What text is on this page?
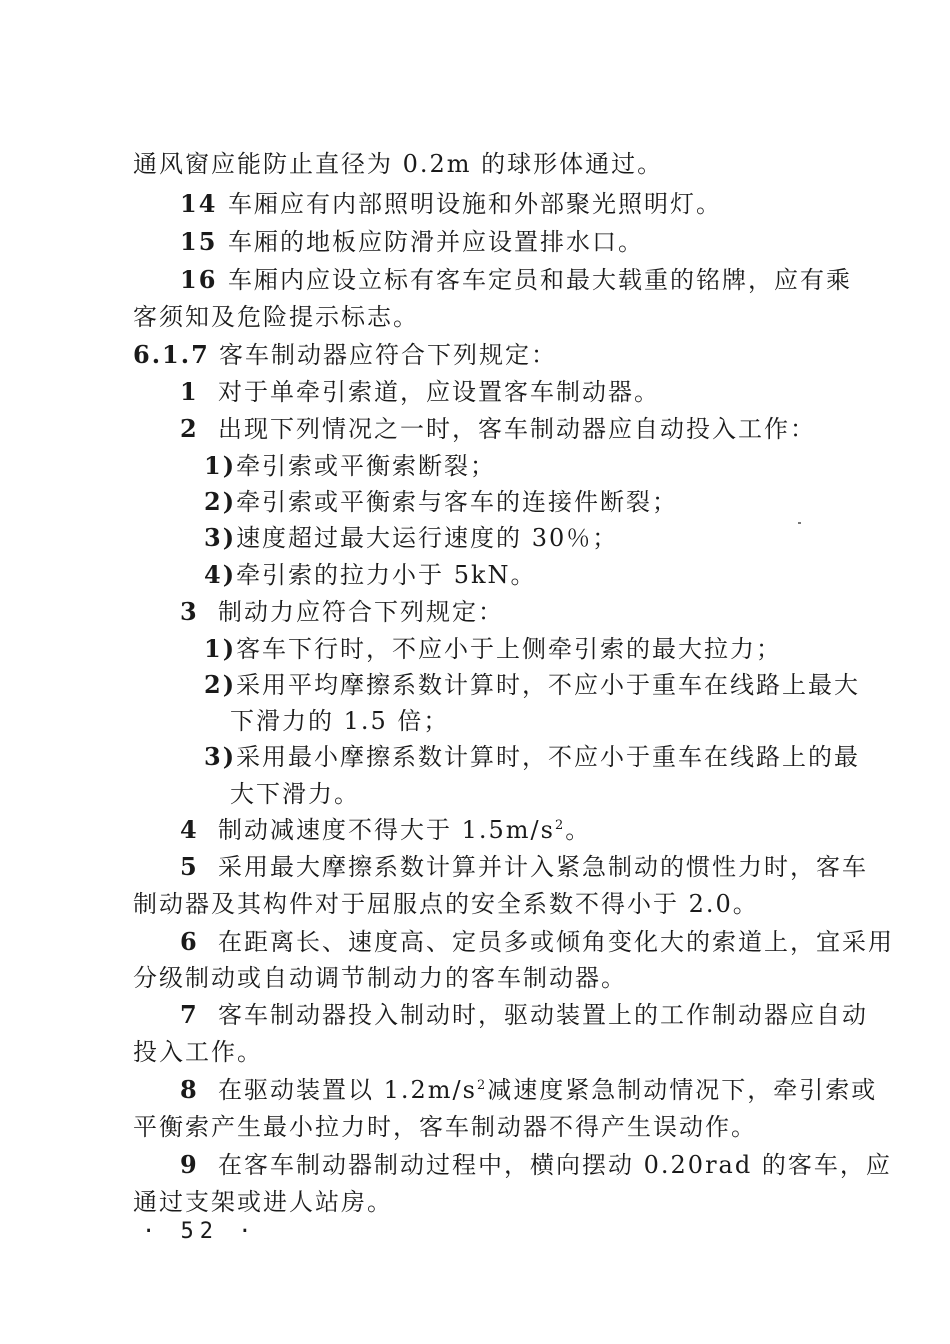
通风窗应能防止直径为 0.2m 的球形体通过。
14 车厢应有内部照明设施和外部聚光照明灯。
15 车厢的地板应防滑并应设置排水口。
16 车厢内应设立标有客车定员和最大载重的铭牌，应有乘
客须知及危险提示标志。
6.1.7 客车制动器应符合下列规定：
1 对于单牵引索道，应设置客车制动器。
2 出现下列情况之一时，客车制动器应自动投入工作：
1)牵引索或平衡索断裂；
2)牵引索或平衡索与客车的连接件断裂；
3)速度超过最大运行速度的 30％；
4)牵引索的拉力小于 5kN。
3 制动力应符合下列规定：
1)客车下行时，不应小于上侧牵引索的最大拉力；
2)采用平均摩擦系数计算时，不应小于重车在线路上最大
下滑力的 1.5 倍；
3)采用最小摩擦系数计算时，不应小于重车在线路上的最
大下滑力。
4 制动减速度不得大于 $1.5m/s^2$。
5 采用最大摩擦系数计算并计入紧急制动的惯性力时，客车
制动器及其构件对于屈服点的安全系数不得小于 2.0。
6 在距离长、速度高、定员多或倾角变化大的索道上，宜采用
分级制动或自动调节制动力的客车制动器。
7 客车制动器投入制动时，驱动装置上的工作制动器应自动
投入工作。
8 在驱动装置以 $1.2m/s^2$减速度紧急制动情况下，牵引索或
平衡索产生最小拉力时，客车制动器不得产生误动作。
9 在客车制动器制动过程中，横向摆动 0.20rad 的客车，应
通过支架或进人站房。
· 52 ·
